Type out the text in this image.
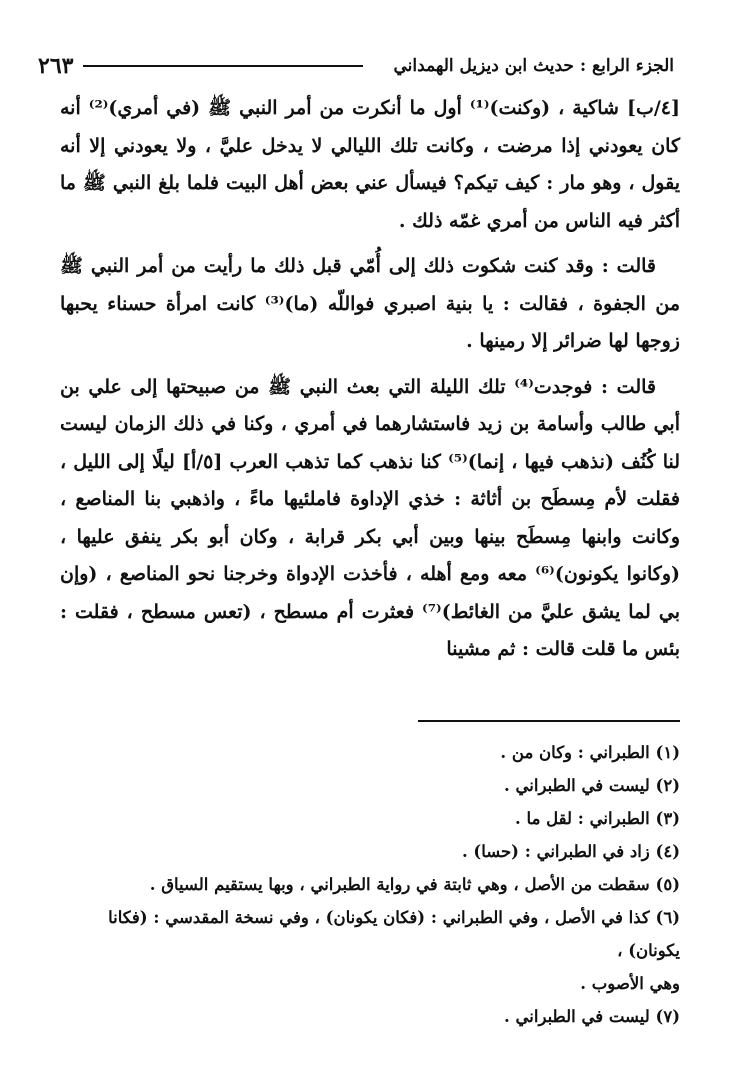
٢٦٣	الجزء الرابع : حديث ابن ديزيل الهمداني

[٤/ب] شاكية ، (وكنت)⁽¹⁾ أول ما أنكرت من أمر النبي ﷺ (في أمري)⁽²⁾ أنه كان يعودني إذا مرضت ، وكانت تلك الليالي لا يدخل عليَّ ، ولا يعودني إلا أنه يقول ، وهو مار : كيف تيكم؟ فيسأل عني بعض أهل البيت فلما بلغ النبي ﷺ ما أكثر فيه الناس من أمري غمّه ذلك .

قالت : وقد كنت شكوت ذلك إلى أُمّي قبل ذلك ما رأيت من أمر النبي ﷺ من الجفوة ، فقالت : يا بنية اصبري فواللّه (ما)⁽³⁾ كانت امرأة حسناء يحبها زوجها لها ضرائر إلا رمينها .

قالت : فوجدت⁽⁴⁾ تلك الليلة التي بعث النبي ﷺ من صبيحتها إلى علي بن أبي طالب وأسامة بن زيد فاستشارهما في أمري ، وكنا في ذلك الزمان ليست لنا كُنُف (نذهب فيها ، إنما)⁽⁵⁾ كنا نذهب كما تذهب العرب [٥/أ] ليلًا إلى الليل ، فقلت لأم مِسطَح بن أثاثة : خذي الإداوة فاملئيها ماءً ، واذهبي بنا المناصع ، وكانت وابنها مِسطَح بينها وبين أبي بكر قرابة ، وكان أبو بكر ينفق عليها ، (وكانوا يكونون)⁽⁶⁾ معه ومع أهله ، فأخذت الإدواة وخرجنا نحو المناصع ، (وإن بي لما يشق عليَّ من الغائط)⁽⁷⁾ فعثرت أم مسطح ، (تعس مسطح ، فقلت : بئس ما قلت قالت : ثم مشينا

(١) الطبراني : وكان من .
(٢) ليست في الطبراني .
(٣) الطبراني : لقل ما .
(٤) زاد في الطبراني : (حسا) .
(٥) سقطت من الأصل ، وهي ثابتة في رواية الطبراني ، وبها يستقيم السياق .
(٦) كذا في الأصل ، وفي الطبراني : (فكان يكونان) ، وفي نسخة المقدسي : (فكانا يكونان) ،
وهي الأصوب .
(٧) ليست في الطبراني .
